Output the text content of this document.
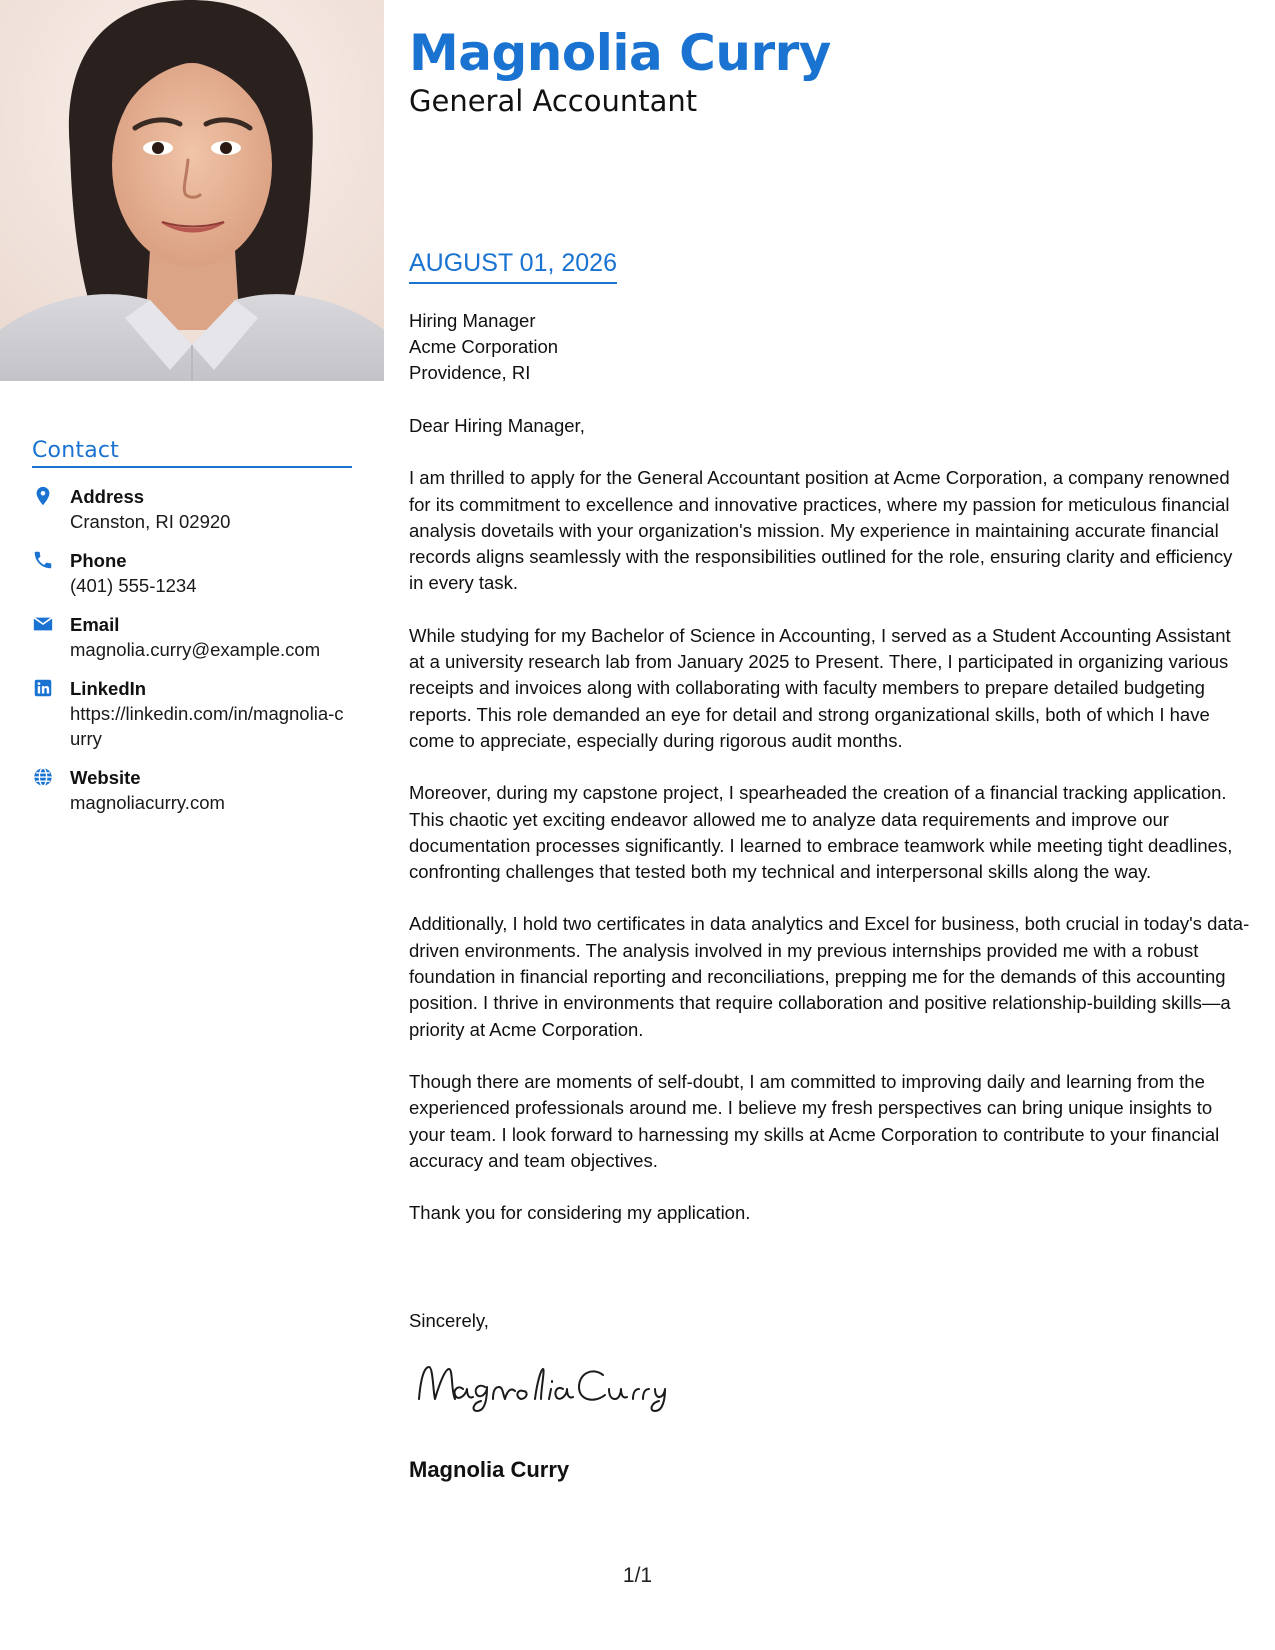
Contact
Address
Cranston, RI 02920
Phone
(401) 555-1234
Email
magnolia.curry@example.com
LinkedIn
https://linkedin.com/in/magnolia-curry
Website
magnoliacurry.com
Magnolia Curry
General Accountant
AUGUST 01, 2026
Hiring Manager
Acme Corporation
Providence, RI

Dear Hiring Manager,

I am thrilled to apply for the General Accountant position at Acme Corporation, a company renowned for its commitment to excellence and innovative practices, where my passion for meticulous financial analysis dovetails with your organization's mission. My experience in maintaining accurate financial records aligns seamlessly with the responsibilities outlined for the role, ensuring clarity and efficiency in every task.

While studying for my Bachelor of Science in Accounting, I served as a Student Accounting Assistant at a university research lab from January 2025 to Present. There, I participated in organizing various receipts and invoices along with collaborating with faculty members to prepare detailed budgeting reports. This role demanded an eye for detail and strong organizational skills, both of which I have come to appreciate, especially during rigorous audit months.

Moreover, during my capstone project, I spearheaded the creation of a financial tracking application. This chaotic yet exciting endeavor allowed me to analyze data requirements and improve our documentation processes significantly. I learned to embrace teamwork while meeting tight deadlines, confronting challenges that tested both my technical and interpersonal skills along the way.

Additionally, I hold two certificates in data analytics and Excel for business, both crucial in today's data-driven environments. The analysis involved in my previous internships provided me with a robust foundation in financial reporting and reconciliations, prepping me for the demands of this accounting position. I thrive in environments that require collaboration and positive relationship-building skills—a priority at Acme Corporation.

Though there are moments of self-doubt, I am committed to improving daily and learning from the experienced professionals around me. I believe my fresh perspectives can bring unique insights to your team. I look forward to harnessing my skills at Acme Corporation to contribute to your financial accuracy and team objectives.

Thank you for considering my application.

Sincerely,
Magnolia Curry
1/1
